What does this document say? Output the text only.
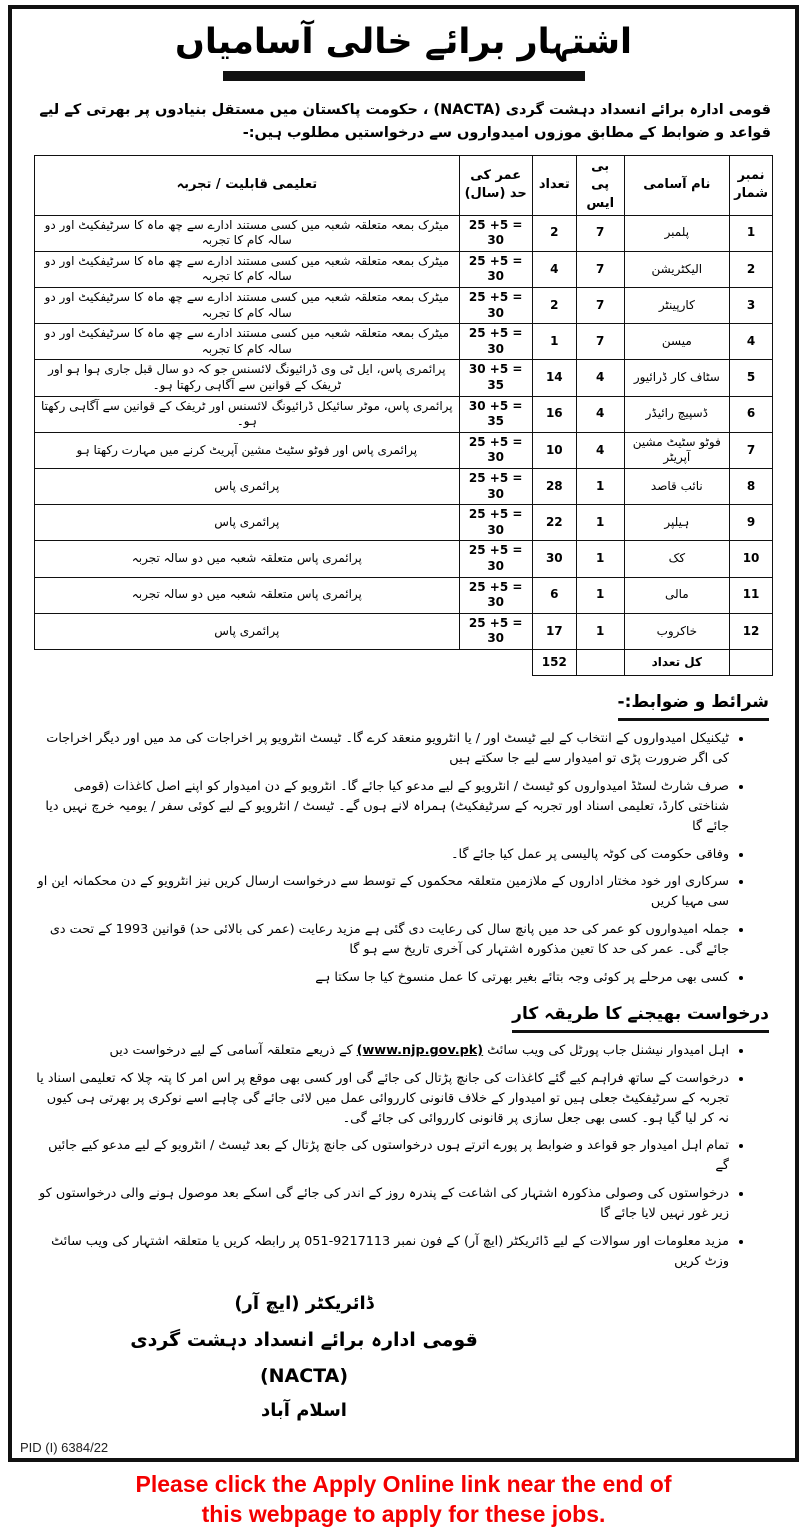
اشتہار برائے خالی آسامیاں
قومی ادارہ برائے انسداد دہشت گردی (NACTA) ، حکومت پاکستان میں مستقل بنیادوں پر بھرتی کے لیے قواعد و ضوابط کے مطابق موزوں امیدواروں سے درخواستیں مطلوب ہیں:-
نمبر شمار	نام آسامی	بی پی ایس	تعداد	عمر کی حد (سال)	تعلیمی قابلیت / تجربہ
1	پلمبر	7	2	25 +5 = 30	میٹرک بمعہ متعلقہ شعبہ میں کسی مستند ادارے سے چھ ماہ کا سرٹیفکیٹ اور دو سالہ کام کا تجربہ
2	الیکٹریشن	7	4	25 +5 = 30	میٹرک بمعہ متعلقہ شعبہ میں کسی مستند ادارے سے چھ ماہ کا سرٹیفکیٹ اور دو سالہ کام کا تجربہ
3	کارپینٹر	7	2	25 +5 = 30	میٹرک بمعہ متعلقہ شعبہ میں کسی مستند ادارے سے چھ ماہ کا سرٹیفکیٹ اور دو سالہ کام کا تجربہ
4	میسن	7	1	25 +5 = 30	میٹرک بمعہ متعلقہ شعبہ میں کسی مستند ادارے سے چھ ماہ کا سرٹیفکیٹ اور دو سالہ کام کا تجربہ
5	سٹاف کار ڈرائیور	4	14	30 +5 = 35	پرائمری پاس، ایل ٹی وی ڈرائیونگ لائسنس جو کہ دو سال قبل جاری ہوا ہو اور ٹریفک کے قوانین سے آگاہی رکھتا ہو۔
6	ڈسپیچ رائیڈر	4	16	30 +5 = 35	پرائمری پاس، موٹر سائیکل ڈرائیونگ لائسنس اور ٹریفک کے قوانین سے آگاہی رکھتا ہو۔
7	فوٹو سٹیٹ مشین آپریٹر	4	10	25 +5 = 30	پرائمری پاس اور فوٹو سٹیٹ مشین آپریٹ کرنے میں مہارت رکھتا ہو
8	نائب قاصد	1	28	25 +5 = 30	پرائمری پاس
9	ہیلپر	1	22	25 +5 = 30	پرائمری پاس
10	کک	1	30	25 +5 = 30	پرائمری پاس متعلقہ شعبہ میں دو سالہ تجربہ
11	مالی	1	6	25 +5 = 30	پرائمری پاس متعلقہ شعبہ میں دو سالہ تجربہ
12	خاکروب	1	17	25 +5 = 30	پرائمری پاس
	کل تعداد		152		
شرائط و ضوابط:-
• ٹیکنیکل امیدواروں کے انتخاب کے لیے ٹیسٹ اور / یا انٹرویو منعقد کرے گا۔ ٹیسٹ انٹرویو پر اخراجات کی مد میں اور دیگر اخراجات کی اگر ضرورت پڑی تو امیدوار سے لیے جا سکتے ہیں
• صرف شارٹ لسٹڈ امیدواروں کو ٹیسٹ / انٹرویو کے لیے مدعو کیا جائے گا۔ انٹرویو کے دن امیدوار کو اپنے اصل کاغذات (قومی شناختی کارڈ، تعلیمی اسناد اور تجربہ کے سرٹیفکیٹ) ہمراہ لانے ہوں گے۔ ٹیسٹ / انٹرویو کے لیے کوئی سفر / یومیہ خرچ نہیں دیا جائے گا
• وفاقی حکومت کی کوٹہ پالیسی پر عمل کیا جائے گا۔
• سرکاری اور خود مختار اداروں کے ملازمین متعلقہ محکموں کے توسط سے درخواست ارسال کریں نیز انٹرویو کے دن محکمانہ این او سی مہیا کریں
• جملہ امیدواروں کو عمر کی حد میں پانچ سال کی رعایت دی گئی ہے مزید رعایت (عمر کی بالائی حد) قوانین 1993 کے تحت دی جائے گی۔ عمر کی حد کا تعین مذکورہ اشتہار کی آخری تاریخ سے ہو گا
• کسی بھی مرحلے پر کوئی وجہ بتائے بغیر بھرتی کا عمل منسوخ کیا جا سکتا ہے
درخواست بھیجنے کا طریقہ کار
• اہل امیدوار نیشنل جاب پورٹل کی ویب سائٹ (www.njp.gov.pk) کے ذریعے متعلقہ آسامی کے لیے درخواست دیں
• درخواست کے ساتھ فراہم کیے گئے کاغذات کی جانچ پڑتال کی جائے گی اور کسی بھی موقع پر اس امر کا پتہ چلا کہ تعلیمی اسناد یا تجربہ کے سرٹیفکیٹ جعلی ہیں تو امیدوار کے خلاف قانونی کارروائی عمل میں لائی جائے گی چاہے اسے نوکری پر بھرتی ہی کیوں نہ کر لیا گیا ہو۔ کسی بھی جعل سازی پر قانونی کارروائی کی جائے گی۔
• تمام اہل امیدوار جو قواعد و ضوابط پر پورے اترتے ہوں درخواستوں کی جانچ پڑتال کے بعد ٹیسٹ / انٹرویو کے لیے مدعو کیے جائیں گے
• درخواستوں کی وصولی مذکورہ اشتہار کی اشاعت کے پندرہ روز کے اندر کی جائے گی اسکے بعد موصول ہونے والی درخواستوں کو زیر غور نہیں لایا جائے گا
• مزید معلومات اور سوالات کے لیے ڈائریکٹر (ایچ آر) کے فون نمبر ‎051-9217113‎ پر رابطہ کریں یا متعلقہ اشتہار کی ویب سائٹ وزٹ کریں
ڈائریکٹر (ایچ آر)
قومی ادارہ برائے انسداد دہشت گردی (NACTA)
اسلام آباد
PID (I) 6384/22
Please click the Apply Online link near the end of
this webpage to apply for these jobs.
